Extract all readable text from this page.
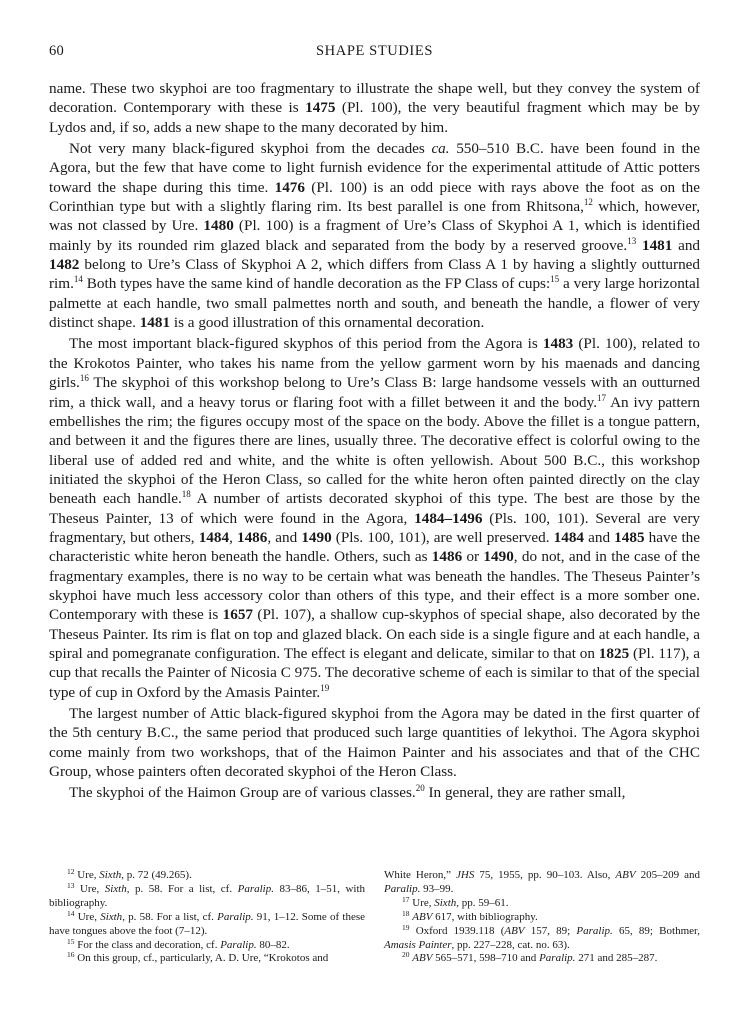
60	SHAPE STUDIES

name. These two skyphoi are too fragmentary to illustrate the shape well, but they convey the system of decoration. Contemporary with these is 1475 (Pl. 100), the very beautiful fragment which may be by Lydos and, if so, adds a new shape to the many decorated by him.

Not very many black-figured skyphoi from the decades ca. 550–510 B.C. have been found in the Agora, but the few that have come to light furnish evidence for the experimental attitude of Attic potters toward the shape during this time. 1476 (Pl. 100) is an odd piece with rays above the foot as on the Corinthian type but with a slightly flaring rim. Its best parallel is one from Rhitsona,$^{12}$ which, however, was not classed by Ure. 1480 (Pl. 100) is a fragment of Ure’s Class of Skyphoi A 1, which is identified mainly by its rounded rim glazed black and separated from the body by a reserved groove.$^{13}$ 1481 and 1482 belong to Ure’s Class of Skyphoi A 2, which differs from Class A 1 by having a slightly outturned rim.$^{14}$ Both types have the same kind of handle decoration as the FP Class of cups:$^{15}$ a very large horizontal palmette at each handle, two small palmettes north and south, and beneath the handle, a flower of very distinct shape. 1481 is a good illustration of this ornamental decoration.

The most important black-figured skyphos of this period from the Agora is 1483 (Pl. 100), related to the Krokotos Painter, who takes his name from the yellow garment worn by his maenads and dancing girls.$^{16}$ The skyphoi of this workshop belong to Ure’s Class B: large handsome vessels with an outturned rim, a thick wall, and a heavy torus or flaring foot with a fillet between it and the body.$^{17}$ An ivy pattern embellishes the rim; the figures occupy most of the space on the body. Above the fillet is a tongue pattern, and between it and the figures there are lines, usually three. The decorative effect is colorful owing to the liberal use of added red and white, and the white is often yellowish. About 500 B.C., this workshop initiated the skyphoi of the Heron Class, so called for the white heron often painted directly on the clay beneath each handle.$^{18}$ A number of artists decorated skyphoi of this type. The best are those by the Theseus Painter, 13 of which were found in the Agora, 1484–1496 (Pls. 100, 101). Several are very fragmentary, but others, 1484, 1486, and 1490 (Pls. 100, 101), are well preserved. 1484 and 1485 have the characteristic white heron beneath the handle. Others, such as 1486 or 1490, do not, and in the case of the fragmentary examples, there is no way to be certain what was beneath the handles. The Theseus Painter’s skyphoi have much less accessory color than others of this type, and their effect is a more somber one. Contemporary with these is 1657 (Pl. 107), a shallow cup-skyphos of special shape, also decorated by the Theseus Painter. Its rim is flat on top and glazed black. On each side is a single figure and at each handle, a spiral and pomegranate configuration. The effect is elegant and delicate, similar to that on 1825 (Pl. 117), a cup that recalls the Painter of Nicosia C 975. The decorative scheme of each is similar to that of the special type of cup in Oxford by the Amasis Painter.$^{19}$

The largest number of Attic black-figured skyphoi from the Agora may be dated in the first quarter of the 5th century B.C., the same period that produced such large quantities of lekythoi. The Agora skyphoi come mainly from two workshops, that of the Haimon Painter and his associates and that of the CHC Group, whose painters often decorated skyphoi of the Heron Class.

The skyphoi of the Haimon Group are of various classes.$^{20}$ In general, they are rather small,

$^{12}$ Ure, Sixth, p. 72 (49.265).

$^{13}$ Ure, Sixth, p. 58. For a list, cf. Paralip. 83–86, 1–51, with bibliography.

$^{14}$ Ure, Sixth, p. 58. For a list, cf. Paralip. 91, 1–12. Some of these have tongues above the foot (7–12).

$^{15}$ For the class and decoration, cf. Paralip. 80–82.

$^{16}$ On this group, cf., particularly, A. D. Ure, “Krokotos and

White Heron,” JHS 75, 1955, pp. 90–103. Also, ABV 205–209 and Paralip. 93–99.

$^{17}$ Ure, Sixth, pp. 59–61.

$^{18}$ ABV 617, with bibliography.

$^{19}$ Oxford 1939.118 (ABV 157, 89; Paralip. 65, 89; Bothmer, Amasis Painter, pp. 227–228, cat. no. 63).

$^{20}$ ABV 565–571, 598–710 and Paralip. 271 and 285–287.
